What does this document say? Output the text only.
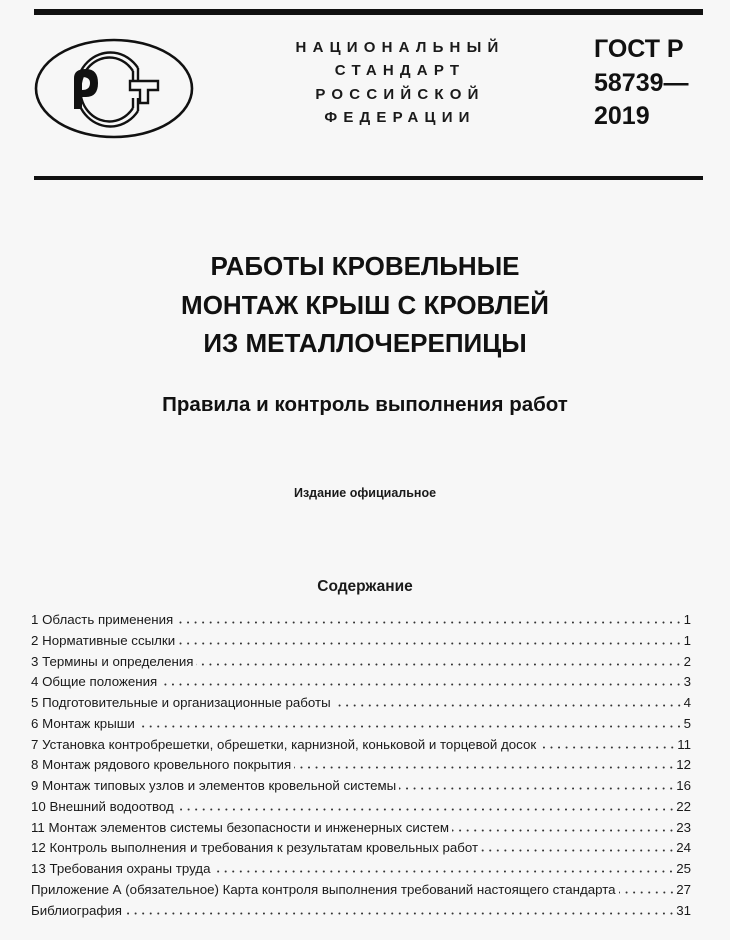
НАЦИОНАЛЬНЫЙ
СТАНДАРТ
РОССИЙСКОЙ
ФЕДЕРАЦИИ
ГОСТ Р
58739—
2019
РАБОТЫ КРОВЕЛЬНЫЕ
МОНТАЖ КРЫШ С КРОВЛЕЙ
ИЗ МЕТАЛЛОЧЕРЕПИЦЫ
Правила и контроль выполнения работ
Издание официальное
Содержание
1 Область применения	1
2 Нормативные ссылки	1
3 Термины и определения	2
4 Общие положения	3
5 Подготовительные и организационные работы	4
6 Монтаж крыши	5
7 Установка контробрешетки, обрешетки, карнизной, коньковой и торцевой досок	11
8 Монтаж рядового кровельного покрытия	12
9 Монтаж типовых узлов и элементов кровельной системы	16
10 Внешний водоотвод	22
11 Монтаж элементов системы безопасности и инженерных систем	23
12 Контроль выполнения и требования к результатам кровельных работ	24
13 Требования охраны труда	25
Приложение А (обязательное) Карта контроля выполнения требований настоящего стандарта	27
Библиография	31
